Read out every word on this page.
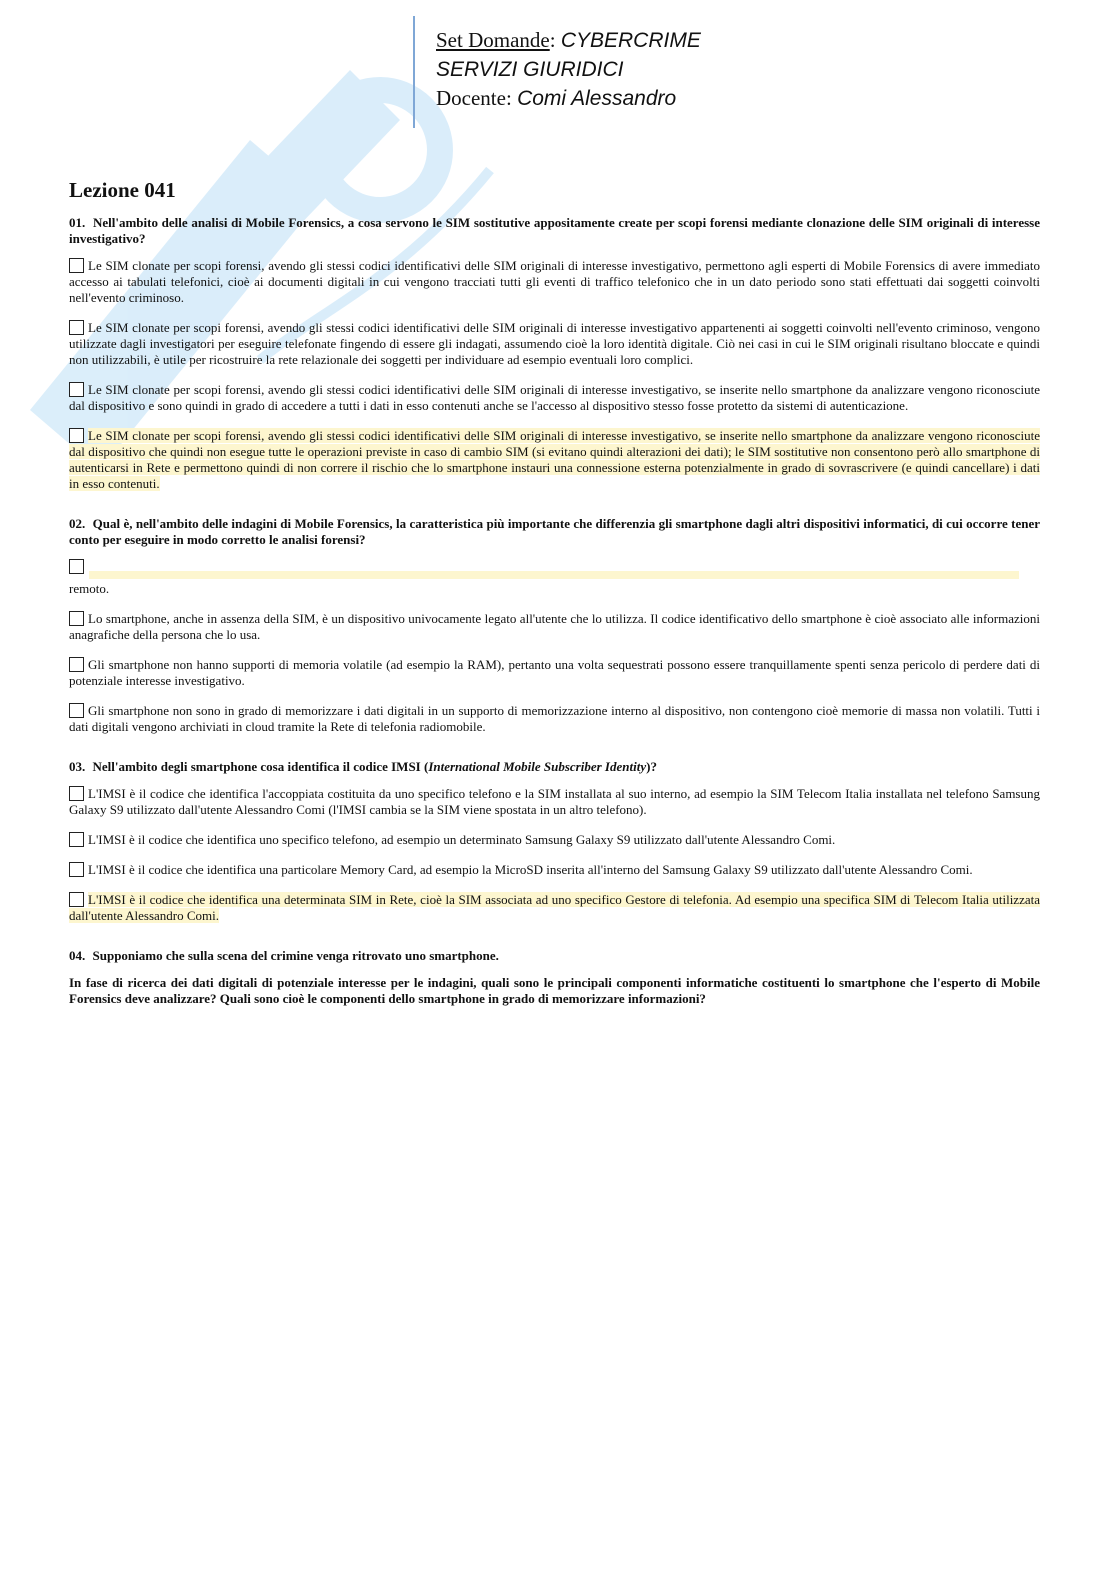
Set Domande: CYBERCRIME
SERVIZI GIURIDICI
Docente: Comi Alessandro
Lezione 041
01. Nell'ambito delle analisi di Mobile Forensics, a cosa servono le SIM sostitutive appositamente create per scopi forensi mediante clonazione delle SIM originali di interesse investigativo?
Le SIM clonate per scopi forensi, avendo gli stessi codici identificativi delle SIM originali di interesse investigativo, permettono agli esperti di Mobile Forensics di avere immediato accesso ai tabulati telefonici, cioè ai documenti digitali in cui vengono tracciati tutti gli eventi di traffico telefonico che in un dato periodo sono stati effettuati dai soggetti coinvolti nell'evento criminoso.
Le SIM clonate per scopi forensi, avendo gli stessi codici identificativi delle SIM originali di interesse investigativo appartenenti ai soggetti coinvolti nell'evento criminoso, vengono utilizzate dagli investigatori per eseguire telefonate fingendo di essere gli indagati, assumendo cioè la loro identità digitale. Ciò nei casi in cui le SIM originali risultano bloccate e quindi non utilizzabili, è utile per ricostruire la rete relazionale dei soggetti per individuare ad esempio eventuali loro complici.
Le SIM clonate per scopi forensi, avendo gli stessi codici identificativi delle SIM originali di interesse investigativo, se inserite nello smartphone da analizzare vengono riconosciute dal dispositivo e sono quindi in grado di accedere a tutti i dati in esso contenuti anche se l'accesso al dispositivo stesso fosse protetto da sistemi di autenticazione.
Le SIM clonate per scopi forensi, avendo gli stessi codici identificativi delle SIM originali di interesse investigativo, se inserite nello smartphone da analizzare vengono riconosciute dal dispositivo che quindi non esegue tutte le operazioni previste in caso di cambio SIM (si evitano quindi alterazioni dei dati); le SIM sostitutive non consentono però allo smartphone di autenticarsi in Rete e permettono quindi di non correre il rischio che lo smartphone instauri una connessione esterna potenzialmente in grado di sovrascrivere (e quindi cancellare) i dati in esso contenuti.
02. Qual è, nell'ambito delle indagini di Mobile Forensics, la caratteristica più importante che differenzia gli smartphone dagli altri dispositivi informatici, di cui occorre tener conto per eseguire in modo corretto le analisi forensi?
remoto.
Lo smartphone, anche in assenza della SIM, è un dispositivo univocamente legato all'utente che lo utilizza. Il codice identificativo dello smartphone è cioè associato alle informazioni anagrafiche della persona che lo usa.
Gli smartphone non hanno supporti di memoria volatile (ad esempio la RAM), pertanto una volta sequestrati possono essere tranquillamente spenti senza pericolo di perdere dati di potenziale interesse investigativo.
Gli smartphone non sono in grado di memorizzare i dati digitali in un supporto di memorizzazione interno al dispositivo, non contengono cioè memorie di massa non volatili. Tutti i dati digitali vengono archiviati in cloud tramite la Rete di telefonia radiomobile.
03. Nell'ambito degli smartphone cosa identifica il codice IMSI (International Mobile Subscriber Identity)?
L'IMSI è il codice che identifica l'accoppiata costituita da uno specifico telefono e la SIM installata al suo interno, ad esempio la SIM Telecom Italia installata nel telefono Samsung Galaxy S9 utilizzato dall'utente Alessandro Comi (l'IMSI cambia se la SIM viene spostata in un altro telefono).
L'IMSI è il codice che identifica uno specifico telefono, ad esempio un determinato Samsung Galaxy S9 utilizzato dall'utente Alessandro Comi.
L'IMSI è il codice che identifica una particolare Memory Card, ad esempio la MicroSD inserita all'interno del Samsung Galaxy S9 utilizzato dall'utente Alessandro Comi.
L'IMSI è il codice che identifica una determinata SIM in Rete, cioè la SIM associata ad uno specifico Gestore di telefonia. Ad esempio una specifica SIM di Telecom Italia utilizzata dall'utente Alessandro Comi.
04. Supponiamo che sulla scena del crimine venga ritrovato uno smartphone.
In fase di ricerca dei dati digitali di potenziale interesse per le indagini, quali sono le principali componenti informatiche costituenti lo smartphone che l'esperto di Mobile Forensics deve analizzare? Quali sono cioè le componenti dello smartphone in grado di memorizzare informazioni?
